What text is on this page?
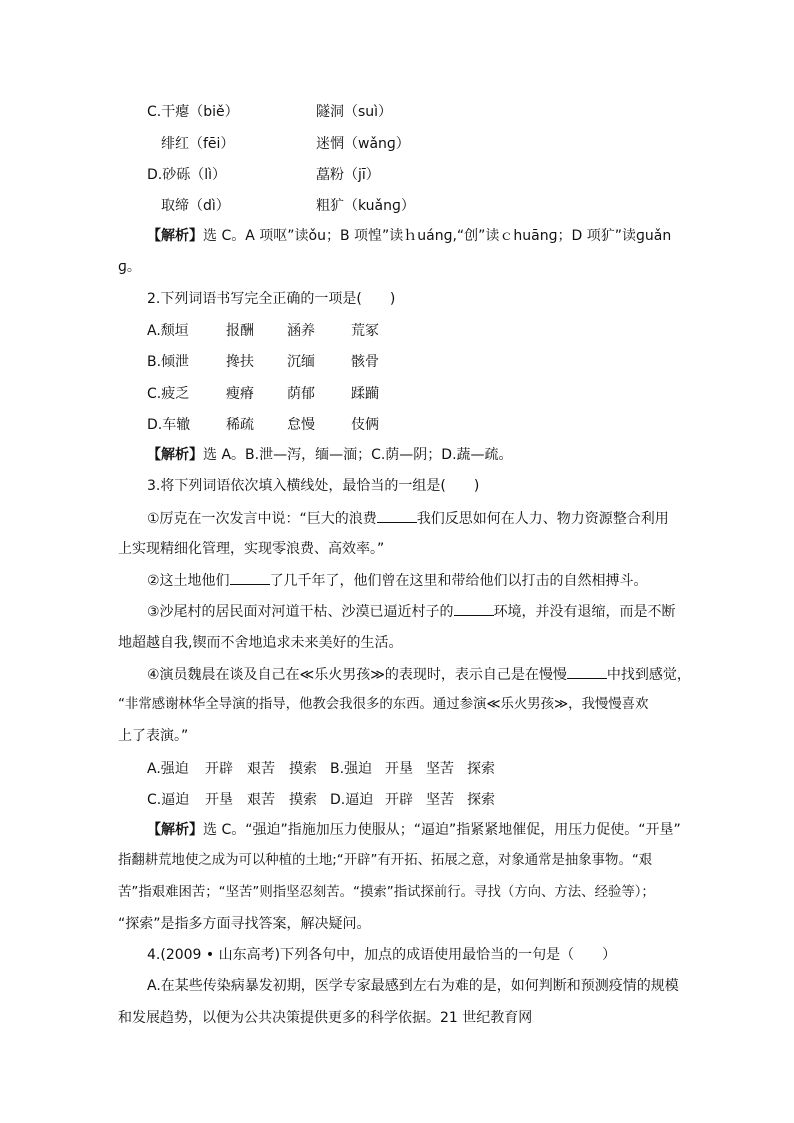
C.干瘪（biě）	隧洞（suì）
绯红（fēi）	迷惘（wǎnɡ）
D.砂砾（lì）	藠粉（jī）
取缔（dì）	粗犷（kuǎnɡ）
【解析】选 C。A 项呕”读ǒu；B 项惶”读ｈuánɡ,“创”读ｃhuānɡ；D 项犷”读ɡuǎn
ɡ。
2.下列词语书写完全正确的一项是(　　)
A.颓垣	报酬 涵养	荒冢
B.倾泄	搀扶 沉缅	骸骨
C.疲乏	瘦瘠 荫郁	蹂躏
D.车辙	稀疏 怠慢	伎俩
【解析】选 A。B.泄—泻，缅—湎；C.荫—阴；D.蔬—疏。
3.将下列词语依次填入横线处，最恰当的一组是(　　)
①厉克在一次发言中说：“巨大的浪费	我们反思如何在人力、物力资源整合利用
上实现精细化管理，实现零浪费、高效率。”
②这土地他们	了几千年了，他们曾在这里和带给他们以打击的自然相搏斗。
③沙尾村的居民面对河道干枯、沙漠已逼近村子的	环境，并没有退缩，而是不断
地超越自我,锲而不舍地追求未来美好的生活。
④演员魏晨在谈及自己在≪乐火男孩≫的表现时，表示自己是在慢慢	中找到感觉，
“非常感谢林华全导演的指导，他教会我很多的东西。通过参演≪乐火男孩≫，我慢慢喜欢
上了表演。”
A.强迫 开辟 艰苦 摸索 B.强迫 开垦 坚苦 探索
C.逼迫 开垦 艰苦 摸索 D.逼迫 开辟 坚苦 探索
【解析】选 C。“强迫”指施加压力使服从；“逼迫”指紧紧地催促，用压力促使。“开垦”
指翻耕荒地使之成为可以种植的土地;“开辟”有开拓、拓展之意，对象通常是抽象事物。“艰
苦”指艰难困苦；“坚苦”则指坚忍刻苦。“摸索”指试探前行。寻找（方向、方法、经验等）；
“探索”是指多方面寻找答案，解决疑问。
4.(2009 • 山东高考)下列各句中，加点的成语使用最恰当的一句是（　　）
A.在某些传染病暴发初期，医学专家最感到左右为难的是，如何判断和预测疫情的规模
和发展趋势，以便为公共决策提供更多的科学依据。21 世纪教育网
